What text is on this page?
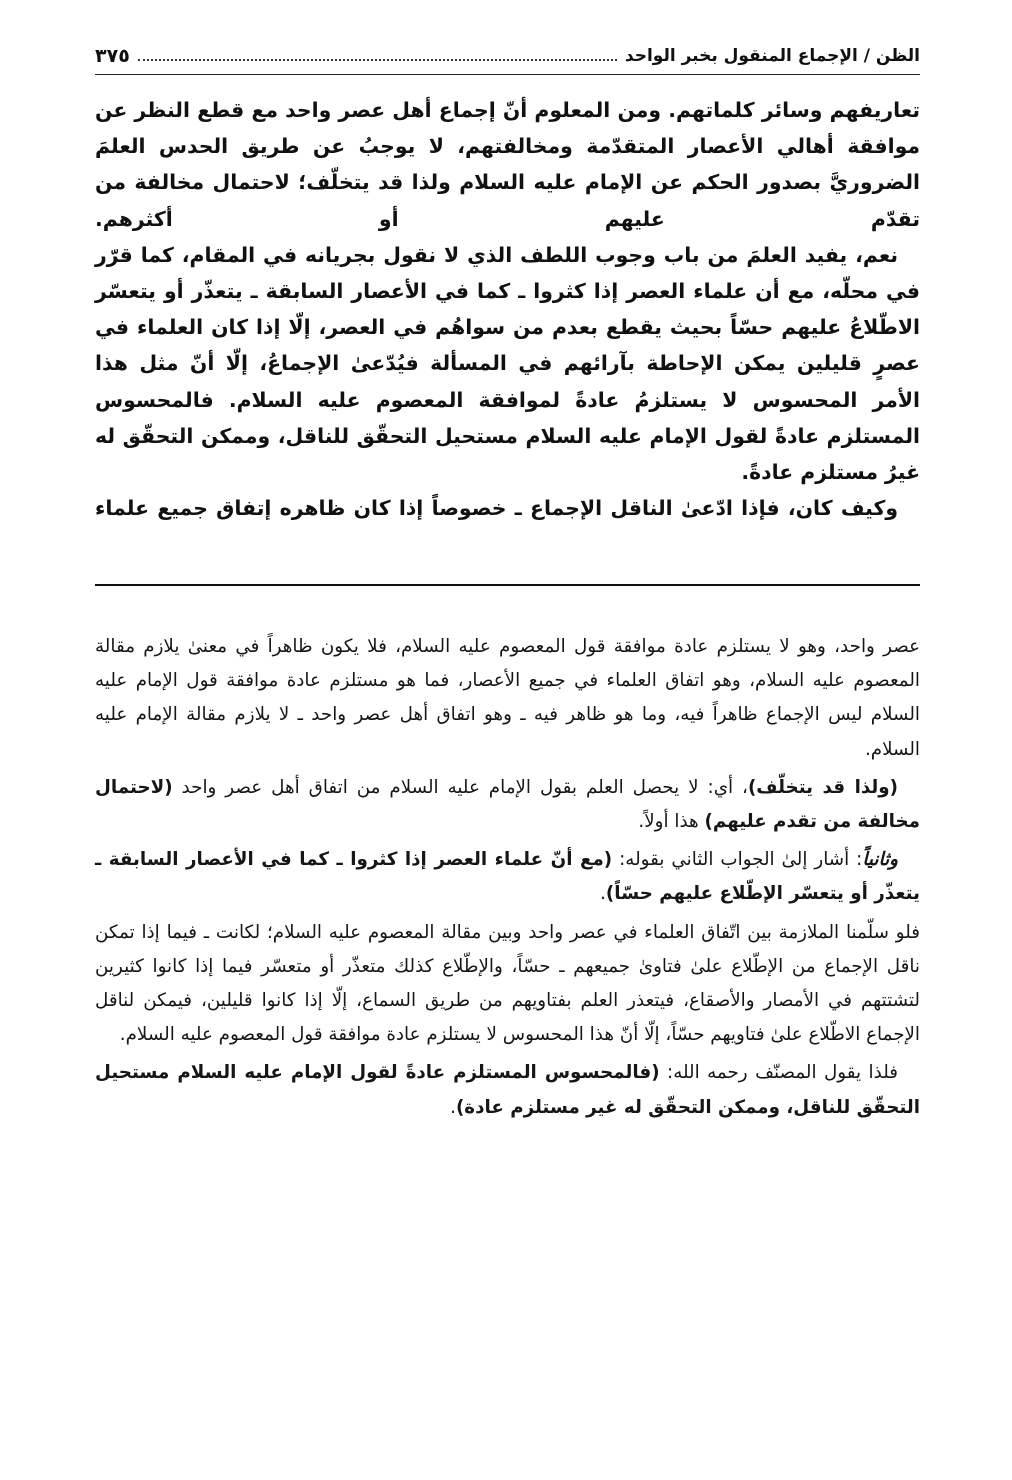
الظن / الإجماع المنقول بخبر الواحد
٣٧٥

تعاريفهم وسائر كلماتهم. ومن المعلوم أنّ إجماع أهل عصر واحد مع قطع النظر عن موافقة أهالي الأعصار المتقدّمة ومخالفتهم، لا يوجبُ عن طريق الحدس العلمَ الضروريَّ بصدور الحكم عن الإمام عليه السلام ولذا قد يتخلّف؛ لاحتمال مخالفة من تقدّم عليهم أو أكثرهم.

نعم، يفيد العلمَ من باب وجوب اللطف الذي لا نقول بجريانه في المقام، كما قرّر في محلّه، مع أن علماء العصر إذا كثروا ـ كما في الأعصار السابقة ـ يتعذّر أو يتعسّر الاطّلاعُ عليهم حسّاً بحيث يقطع بعدم من سواهُم في العصر، إلّا إذا كان العلماء في عصرٍ قليلين يمكن الإحاطة بآرائهم في المسألة فيُدّعىٰ الإجماعُ، إلّا أنّ مثل هذا الأمر المحسوس لا يستلزمُ عادةً لموافقة المعصوم عليه السلام. فالمحسوس المستلزم عادةً لقول الإمام عليه السلام مستحيل التحقّق للناقل، وممكن التحقّق له غيرُ مستلزم عادةً.

وكيف كان، فإذا ادّعىٰ الناقل الإجماع ـ خصوصاً إذا كان ظاهره إتفاق جميع علماء

عصر واحد، وهو لا يستلزم عادة موافقة قول المعصوم عليه السلام، فلا يكون ظاهراً في معنىٰ يلازم مقالة المعصوم عليه السلام، وهو اتفاق العلماء في جميع الأعصار، فما هو مستلزم عادة موافقة قول الإمام عليه السلام ليس الإجماع ظاهراً فيه، وما هو ظاهر فيه ـ وهو اتفاق أهل عصر واحد ـ لا يلازم مقالة الإمام عليه السلام.

(ولذا قد يتخلّف)، أي: لا يحصل العلم بقول الإمام عليه السلام من اتفاق أهل عصر واحد (لاحتمال مخالفة من تقدم عليهم) هذا أولاً.

وثانياً: أشار إلىٰ الجواب الثاني بقوله: (مع أنّ علماء العصر إذا كثروا ـ كما في الأعصار السابقة ـ يتعذّر أو يتعسّر الإطّلاع عليهم حسّاً).

فلو سلّمنا الملازمة بين اتّفاق العلماء في عصر واحد وبين مقالة المعصوم عليه السلام؛ لكانت ـ فيما إذا تمكن ناقل الإجماع من الإطّلاع علىٰ فتاوىٰ جميعهم ـ حسّاً، والإطّلاع كذلك متعذّر أو متعسّر فيما إذا كانوا كثيرين لتشتتهم في الأمصار والأصقاع، فيتعذر العلم بفتاويهم من طريق السماع، إلّا إذا كانوا قليلين، فيمكن لناقل الإجماع الاطّلاع علىٰ فتاويهم حسّاً، إلّا أنّ هذا المحسوس لا يستلزم عادة موافقة قول المعصوم عليه السلام.

فلذا يقول المصنّف رحمه الله: (فالمحسوس المستلزم عادةً لقول الإمام عليه السلام مستحيل التحقّق للناقل، وممكن التحقّق له غير مستلزم عادة).
